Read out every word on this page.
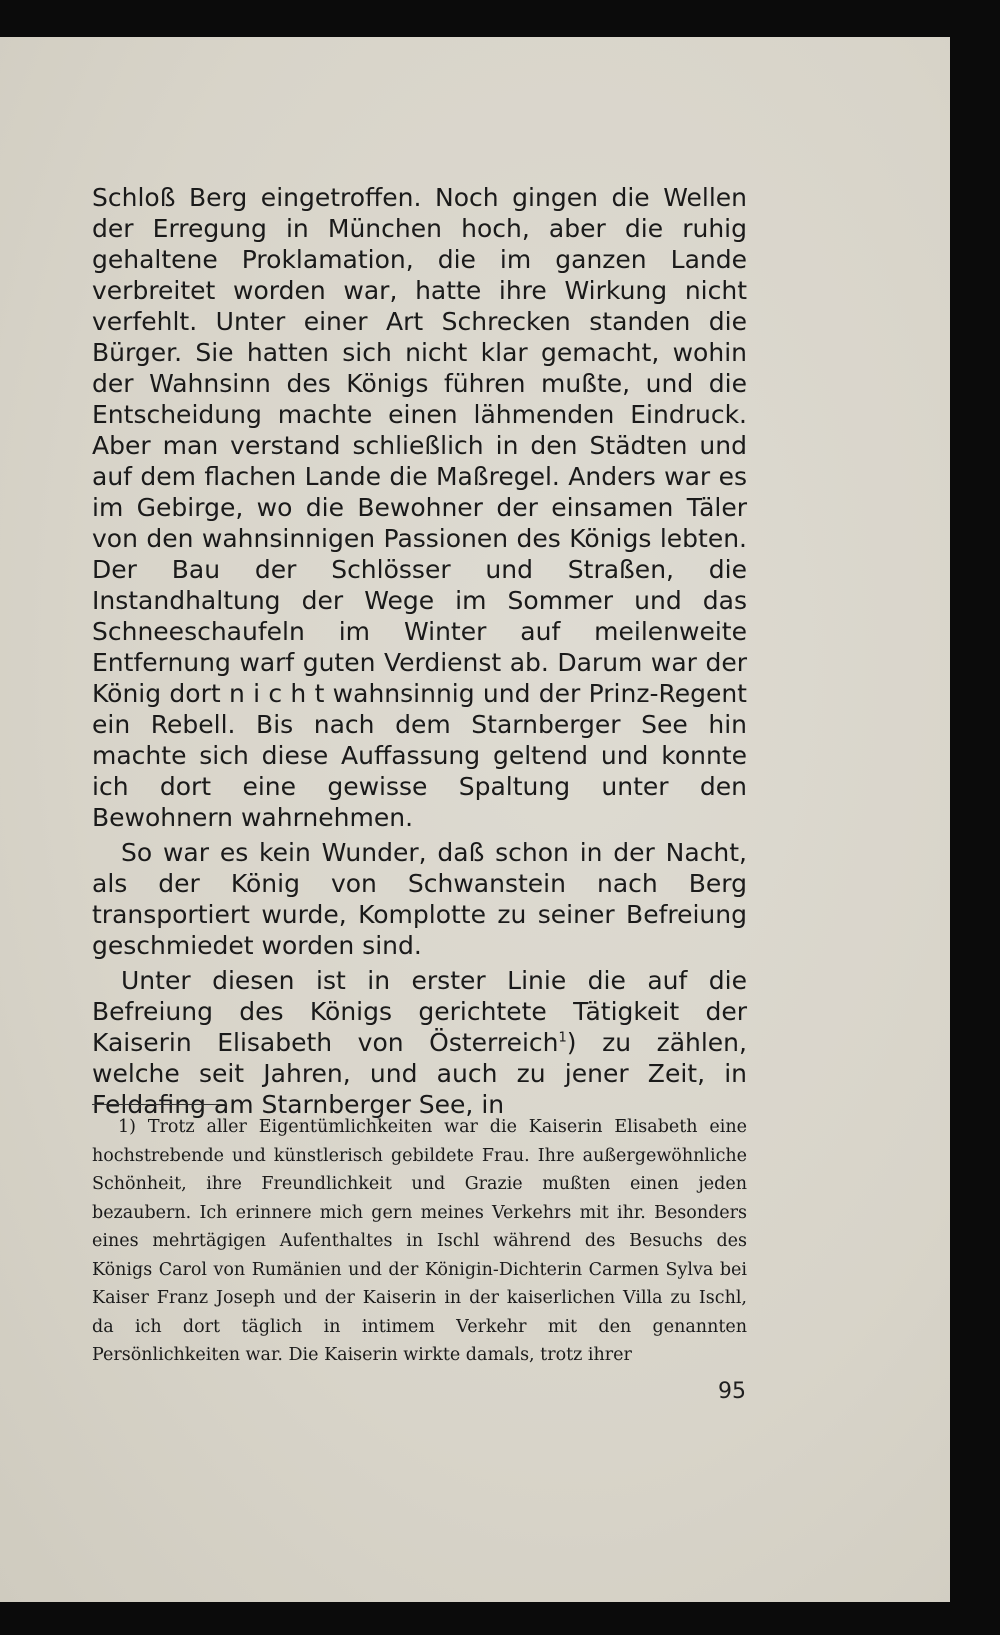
Schloß Berg eingetroffen. Noch gingen die Wellen der Erregung in München hoch, aber die ruhig gehaltene Proklamation, die im ganzen Lande verbreitet worden war, hatte ihre Wirkung nicht verfehlt. Unter einer Art Schrecken standen die Bürger. Sie hatten sich nicht klar gemacht, wohin der Wahnsinn des Königs führen mußte, und die Entscheidung machte einen lähmenden Eindruck. Aber man verstand schließlich in den Städten und auf dem flachen Lande die Maßregel. Anders war es im Gebirge, wo die Bewohner der einsamen Täler von den wahnsinnigen Passionen des Königs lebten. Der Bau der Schlösser und Straßen, die Instandhaltung der Wege im Sommer und das Schneeschaufeln im Winter auf meilenweite Entfernung warf guten Verdienst ab. Darum war der König dort n i c h t wahnsinnig und der Prinz-Regent ein Rebell. Bis nach dem Starnberger See hin machte sich diese Auffassung geltend und konnte ich dort eine gewisse Spaltung unter den Bewohnern wahrnehmen.

So war es kein Wunder, daß schon in der Nacht, als der König von Schwanstein nach Berg transportiert wurde, Komplotte zu seiner Befreiung geschmiedet worden sind.

Unter diesen ist in erster Linie die auf die Befreiung des Königs gerichtete Tätigkeit der Kaiserin Elisabeth von Österreich$^1$) zu zählen, welche seit Jahren, und auch zu jener Zeit, in Feldafing am Starnberger See, in

1) Trotz aller Eigentümlichkeiten war die Kaiserin Elisabeth eine hochstrebende und künstlerisch gebildete Frau. Ihre außergewöhnliche Schönheit, ihre Freundlichkeit und Grazie mußten einen jeden bezaubern. Ich erinnere mich gern meines Verkehrs mit ihr. Besonders eines mehrtägigen Aufenthaltes in Ischl während des Besuchs des Königs Carol von Rumänien und der Königin-Dichterin Carmen Sylva bei Kaiser Franz Joseph und der Kaiserin in der kaiserlichen Villa zu Ischl, da ich dort täglich in intimem Verkehr mit den genannten Persönlichkeiten war. Die Kaiserin wirkte damals, trotz ihrer
95
